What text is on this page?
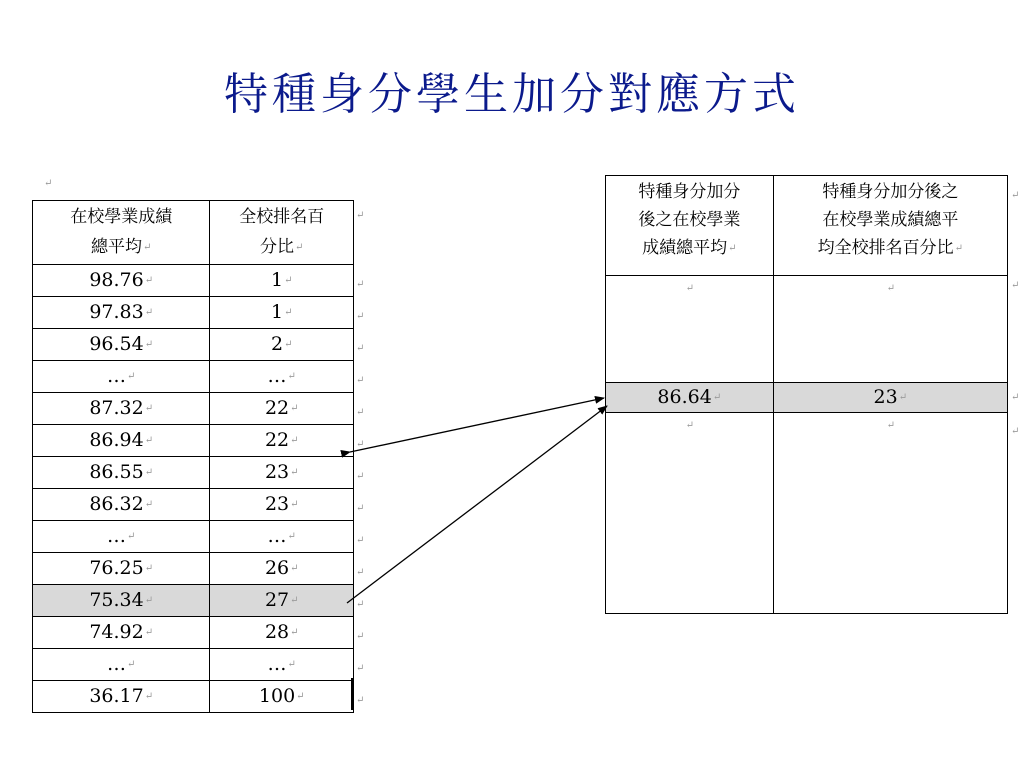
特種身分學生加分對應方式
↵
在校學業成績
總平均↵	全校排名百
分比↵
98.76↵	1↵
97.83↵	1↵
96.54↵	2↵
…↵	…↵
87.32↵	22↵
86.94↵	22↵
86.55↵	23↵
86.32↵	23↵
…↵	…↵
76.25↵	26↵
75.34↵	27↵
74.92↵	28↵
…↵	…↵
36.17↵	100↵
↵
↵
↵
↵
↵
↵
↵
↵
↵
↵
↵
↵
↵
↵
↵
特種身分加分
後之在校學業
成績總平均↵	特種身分加分後之
在校學業成績總平
均全校排名百分比↵
↵	↵
86.64↵	23↵
↵	↵
↵
↵
↵
↵
